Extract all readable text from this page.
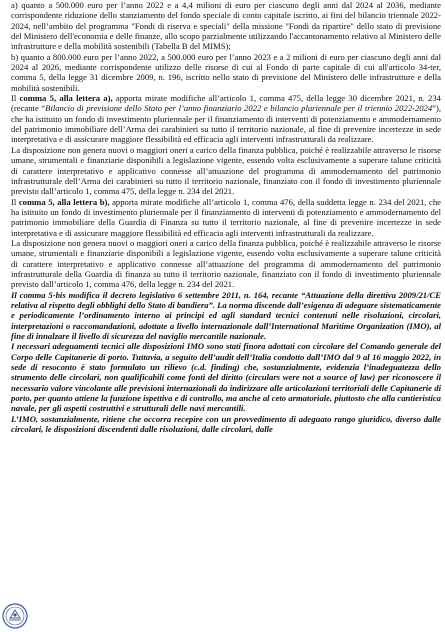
a) quanto a 500.000 euro per l’anno 2022 e a 4,4 milioni di euro per ciascuno degli anni dal 2024 al 2036, mediante corrispondente riduzione dello stanziamento del fondo speciale di conto capitale iscritto, ai fini del bilancio triennale 2022-2024, nell’ambito del programma "Fondi di riserva e speciali" della missione "Fondi da ripartire" dello stato di previsione del Ministero dell'economia e delle finanze, allo scopo parzialmente utilizzando l'accantonamento relativo al Ministero delle infrastrutture e della mobilità sostenibili (Tabella B del MIMS);

b) quanto a 800.000 euro per l’anno 2022, a 500.000 euro per l’anno 2023 e a 2 milioni di euro per ciascuno degli anni dal 2024 al 2026, mediante corrispondente utilizzo delle risorse di cui al Fondo di parte capitale di cui all'articolo 34-ter, comma 5, della legge 31 dicembre 2009, n. 196, iscritto nello stato di previsione del Ministero delle infrastrutture e della mobilità sostenibili.

Il comma 5, alla lettera a), apporta mirate modifiche all’articolo 1, comma 475, della legge 30 dicembre 2021, n. 234 (recante “Bilancio di previsione dello Stato per l’anno finanziario 2022 e bilancio pluriennale per il triennio 2022-2024”), che ha istituito un fondo di investimento pluriennale per il finanziamento di interventi di potenziamento e ammodernamento del patrimonio immobiliare dell’Arma dei carabinieri su tutto il territorio nazionale, al fine di prevenire incertezze in sede interpretativa e di assicurare maggiore flessibilità ed efficacia agli interventi infrastrutturali da realizzare.

La disposizione non genera nuovi o maggiori oneri a carico della finanza pubblica, poiché è realizzabile attraverso le risorse umane, strumentali e finanziarie disponibili a legislazione vigente, essendo volta esclusivamente a superare talune criticità di carattere interpretativo e applicativo connesse all’attuazione del programma di ammodernamento del patrimonio infrastrutturale dell’Arma dei carabinieri su tutto il territorio nazionale, finanziato con il fondo di investimento pluriennale previsto dall’articolo 1, comma 475, della legge n. 234 del 2021.

Il comma 5, alla lettera b), apporta mirate modifiche all’articolo 1, comma 476, della suddetta legge n. 234 del 2021, che ha istituito un fondo di investimento pluriennale per il finanziamento di interventi di potenziamento e ammodernamento del patrimonio immobiliare della Guardia di Finanza su tutto il territorio nazionale, al fine di prevenire incertezze in sede interpretativa e di assicurare maggiore flessibilità ed efficacia agli interventi infrastrutturali da realizzare.

La disposizione non genera nuovi o maggiori oneri a carico della finanza pubblica, poiché è realizzabile attraverso le risorse umane, strumentali e finanziarie disponibili a legislazione vigente, essendo volta esclusivamente a superare talune criticità di carattere interpretativo e applicativo connesse all’attuazione del programma di ammodernamento del patrimonio infrastrutturale della Guardia di finanza su tutto il territorio nazionale, finanziato con il fondo di investimento pluriennale previsto dall’articolo 1, comma 476, della legge n. 234 del 2021.

Il comma 5-bis modifica il decreto legislativo 6 settembre 2011, n. 164, recante “Attuazione della direttiva 2009/21/CE relativa al rispetto degli obblighi dello Stato di bandiera”. La norma discende dall’esigenza di adeguare sistematicamente e periodicamente l’ordinamento interno ai principi ed agli standard tecnici contenuti nelle risoluzioni, circolari, interpretazioni o raccomandazioni, adottate a livello internazionale dall’International Maritime Organization (IMO), al fine di innalzare il livello di sicurezza del naviglio mercantile nazionale.

I necessari adeguamenti tecnici alle disposizioni IMO sono stati finora adottati con circolare del Comando generale del Corpo delle Capitanerie di porto. Tuttavia, a seguito dell’audit dell’Italia condotto dall’IMO dal 9 al 16 maggio 2022, in sede di resoconto è stato formulato un rilievo (c.d. finding) che, sostanzialmente, evidenzia l’inadeguatezza dello strumento delle circolari, non qualificabili come fonti del diritto (circulars were not a source of law) per riconoscere il necessario valore vincolante alle previsioni internazionali da indirizzare alle articolazioni territoriali delle Capitanerie di porto, per quanto attiene la funzione ispettiva e di controllo, ma anche al ceto armatoriale, piuttosto che alla cantieristica navale, per gli aspetti costruttivi e strutturali delle navi mercantili.

L’IMO, sostanzialmente, ritiene che occorra recepire con un provvedimento di adeguato rango giuridico, diverso dalle circolari, le disposizioni discendenti dalle risoluzioni, dalle circolari, dalle
